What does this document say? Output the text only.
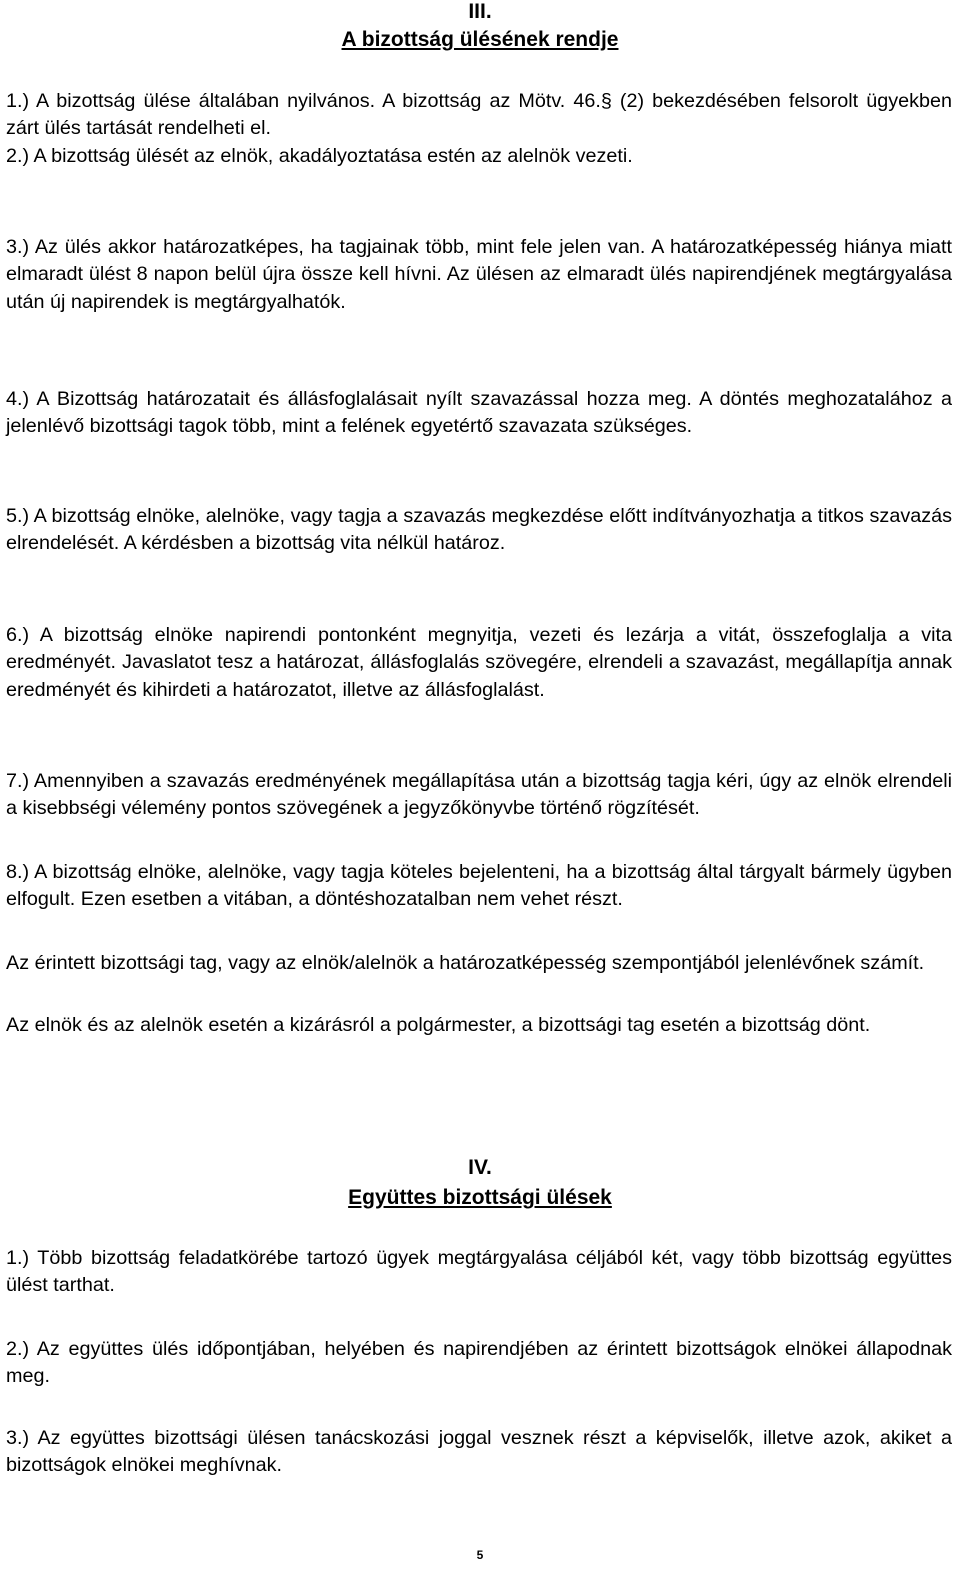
III.
A bizottság ülésének rendje

1.) A bizottság ülése általában nyilvános. A bizottság az Mötv. 46.§ (2) bekezdésében felsorolt ügyekben zárt ülés tartását rendelheti el.

2.) A bizottság ülését az elnök, akadályoztatása estén az alelnök vezeti.

3.) Az ülés akkor határozatképes, ha tagjainak több, mint fele jelen van. A határozatképesség hiánya miatt elmaradt ülést 8 napon belül újra össze kell hívni. Az ülésen az elmaradt ülés napirendjének megtárgyalása után új napirendek is megtárgyalhatók.

4.) A Bizottság határozatait és állásfoglalásait nyílt szavazással hozza meg. A döntés meghozatalához a jelenlévő bizottsági tagok több, mint a felének egyetértő szavazata szükséges.

5.) A bizottság elnöke, alelnöke, vagy tagja a szavazás megkezdése előtt indítványozhatja a titkos szavazás elrendelését. A kérdésben a bizottság vita nélkül határoz.

6.) A bizottság elnöke napirendi pontonként megnyitja, vezeti és lezárja a vitát, összefoglalja a vita eredményét. Javaslatot tesz a határozat, állásfoglalás szövegére, elrendeli a szavazást, megállapítja annak eredményét és kihirdeti a határozatot, illetve az állásfoglalást.

7.) Amennyiben a szavazás eredményének megállapítása után a bizottság tagja kéri, úgy az elnök elrendeli a kisebbségi vélemény pontos szövegének a jegyzőkönyvbe történő rögzítését.

8.) A bizottság elnöke, alelnöke, vagy tagja köteles bejelenteni, ha a bizottság által tárgyalt bármely ügyben elfogult. Ezen esetben a vitában, a döntéshozatalban nem vehet részt.

Az érintett bizottsági tag, vagy az elnök/alelnök a határozatképesség szempontjából jelenlévőnek számít.

Az elnök és az alelnök esetén a kizárásról a polgármester, a bizottsági tag esetén a bizottság dönt.

IV.
Együttes bizottsági ülések

1.) Több bizottság feladatkörébe tartozó ügyek megtárgyalása céljából két, vagy több bizottság együttes ülést tarthat.

2.) Az együttes ülés időpontjában, helyében és napirendjében az érintett bizottságok elnökei állapodnak meg.

3.) Az együttes bizottsági ülésen tanácskozási joggal vesznek részt a képviselők, illetve azok, akiket a bizottságok elnökei meghívnak.

5
